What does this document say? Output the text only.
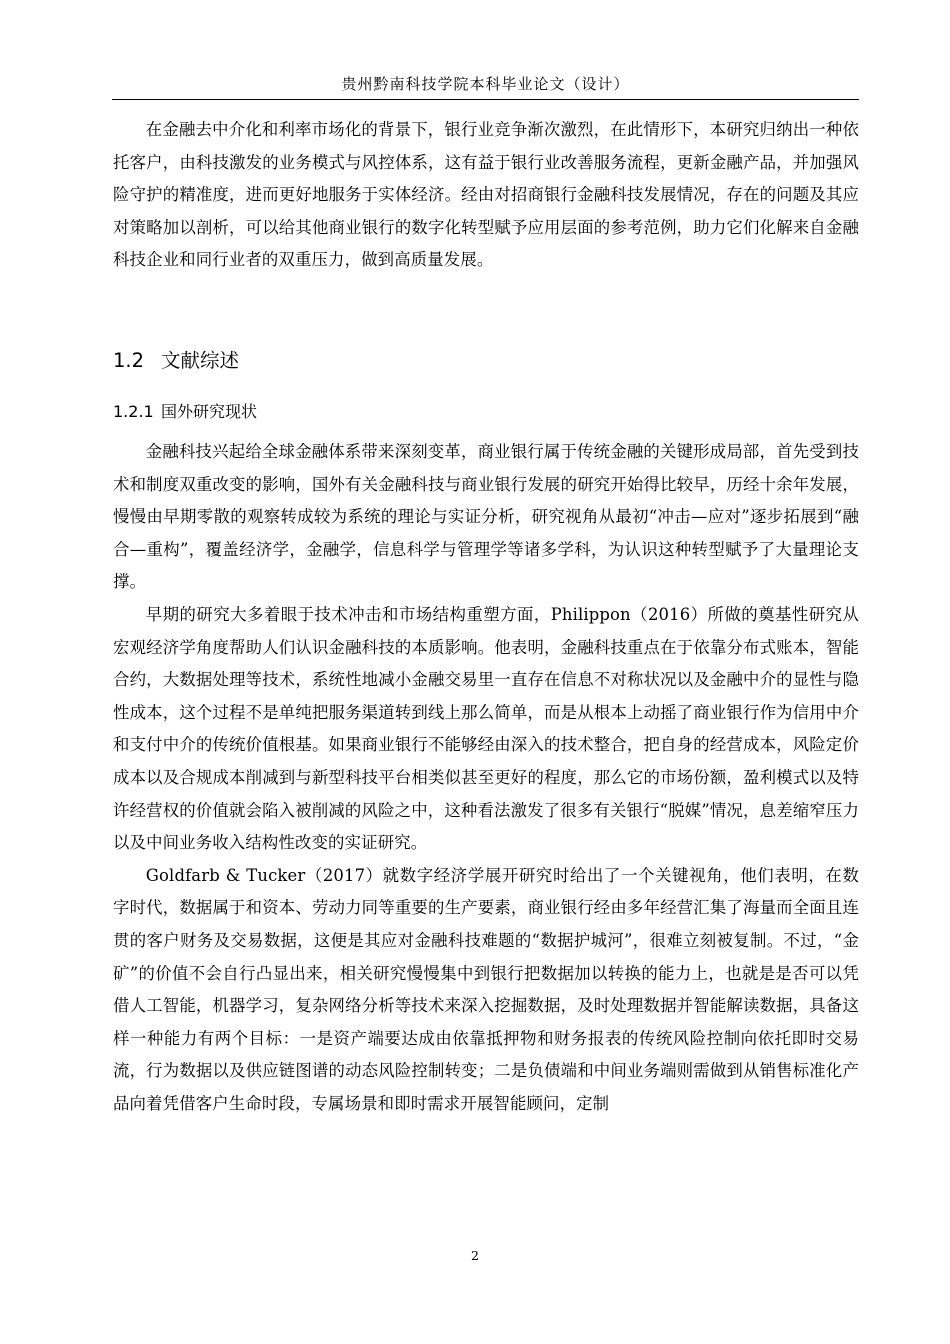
贵州黔南科技学院本科毕业论文（设计）

在金融去中介化和利率市场化的背景下，银行业竞争渐次激烈，在此情形下，本研究归纳出一种依托客户，由科技激发的业务模式与风控体系，这有益于银行业改善服务流程，更新金融产品，并加强风险守护的精准度，进而更好地服务于实体经济。经由对招商银行金融科技发展情况，存在的问题及其应对策略加以剖析，可以给其他商业银行的数字化转型赋予应用层面的参考范例，助力它们化解来自金融科技企业和同行业者的双重压力，做到高质量发展。

1.2 文献综述
1.2.1 国外研究现状

金融科技兴起给全球金融体系带来深刻变革，商业银行属于传统金融的关键形成局部，首先受到技术和制度双重改变的影响，国外有关金融科技与商业银行发展的研究开始得比较早，历经十余年发展，慢慢由早期零散的观察转成较为系统的理论与实证分析，研究视角从最初“冲击—应对”逐步拓展到“融合—重构”，覆盖经济学，金融学，信息科学与管理学等诸多学科，为认识这种转型赋予了大量理论支撑。

早期的研究大多着眼于技术冲击和市场结构重塑方面，Philippon（2016）所做的奠基性研究从宏观经济学角度帮助人们认识金融科技的本质影响。他表明，金融科技重点在于依靠分布式账本，智能合约，大数据处理等技术，系统性地减小金融交易里一直存在信息不对称状况以及金融中介的显性与隐性成本，这个过程不是单纯把服务渠道转到线上那么简单，而是从根本上动摇了商业银行作为信用中介和支付中介的传统价值根基。如果商业银行不能够经由深入的技术整合，把自身的经营成本，风险定价成本以及合规成本削减到与新型科技平台相类似甚至更好的程度，那么它的市场份额，盈利模式以及特许经营权的价值就会陷入被削减的风险之中，这种看法激发了很多有关银行“脱媒”情况，息差缩窄压力以及中间业务收入结构性改变的实证研究。

Goldfarb & Tucker（2017）就数字经济学展开研究时给出了一个关键视角，他们表明，在数字时代，数据属于和资本、劳动力同等重要的生产要素，商业银行经由多年经营汇集了海量而全面且连贯的客户财务及交易数据，这便是其应对金融科技难题的“数据护城河”，很难立刻被复制。不过，“金矿”的价值不会自行凸显出来，相关研究慢慢集中到银行把数据加以转换的能力上，也就是是否可以凭借人工智能，机器学习，复杂网络分析等技术来深入挖掘数据，及时处理数据并智能解读数据，具备这样一种能力有两个目标：一是资产端要达成由依靠抵押物和财务报表的传统风险控制向依托即时交易流，行为数据以及供应链图谱的动态风险控制转变；二是负债端和中间业务端则需做到从销售标准化产品向着凭借客户生命时段，专属场景和即时需求开展智能顾问，定制

2
